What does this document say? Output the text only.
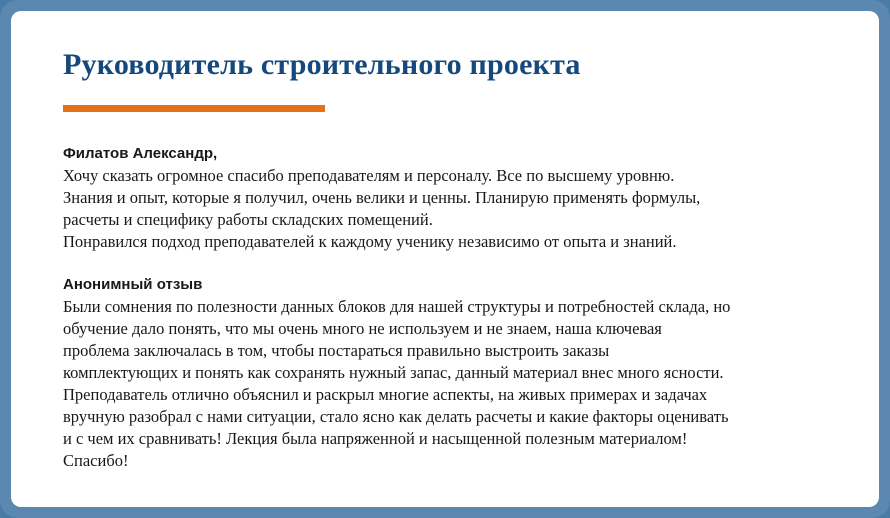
Руководитель строительного проекта

Филатов Александр,

Хочу сказать огромное спасибо преподавателям и персоналу. Все по высшему уровню.
Знания и опыт, которые я получил, очень велики и ценны. Планирую применять формулы,
расчеты и специфику работы складских помещений.
Понравился подход преподавателей к каждому ученику независимо от опыта и знаний.

Анонимный отзыв

Были сомнения по полезности данных блоков для нашей структуры и потребностей склада, но
обучение дало понять, что мы очень много не используем и не знаем, наша ключевая
проблема заключалась в том, чтобы постараться правильно выстроить заказы
комплектующих и понять как сохранять нужный запас, данный материал внес много ясности.
Преподаватель отлично объяснил и раскрыл многие аспекты, на живых примерах и задачах
вручную разобрал с нами ситуации, стало ясно как делать расчеты и какие факторы оценивать
и с чем их сравнивать! Лекция была напряженной и насыщенной полезным материалом!
Спасибо!
